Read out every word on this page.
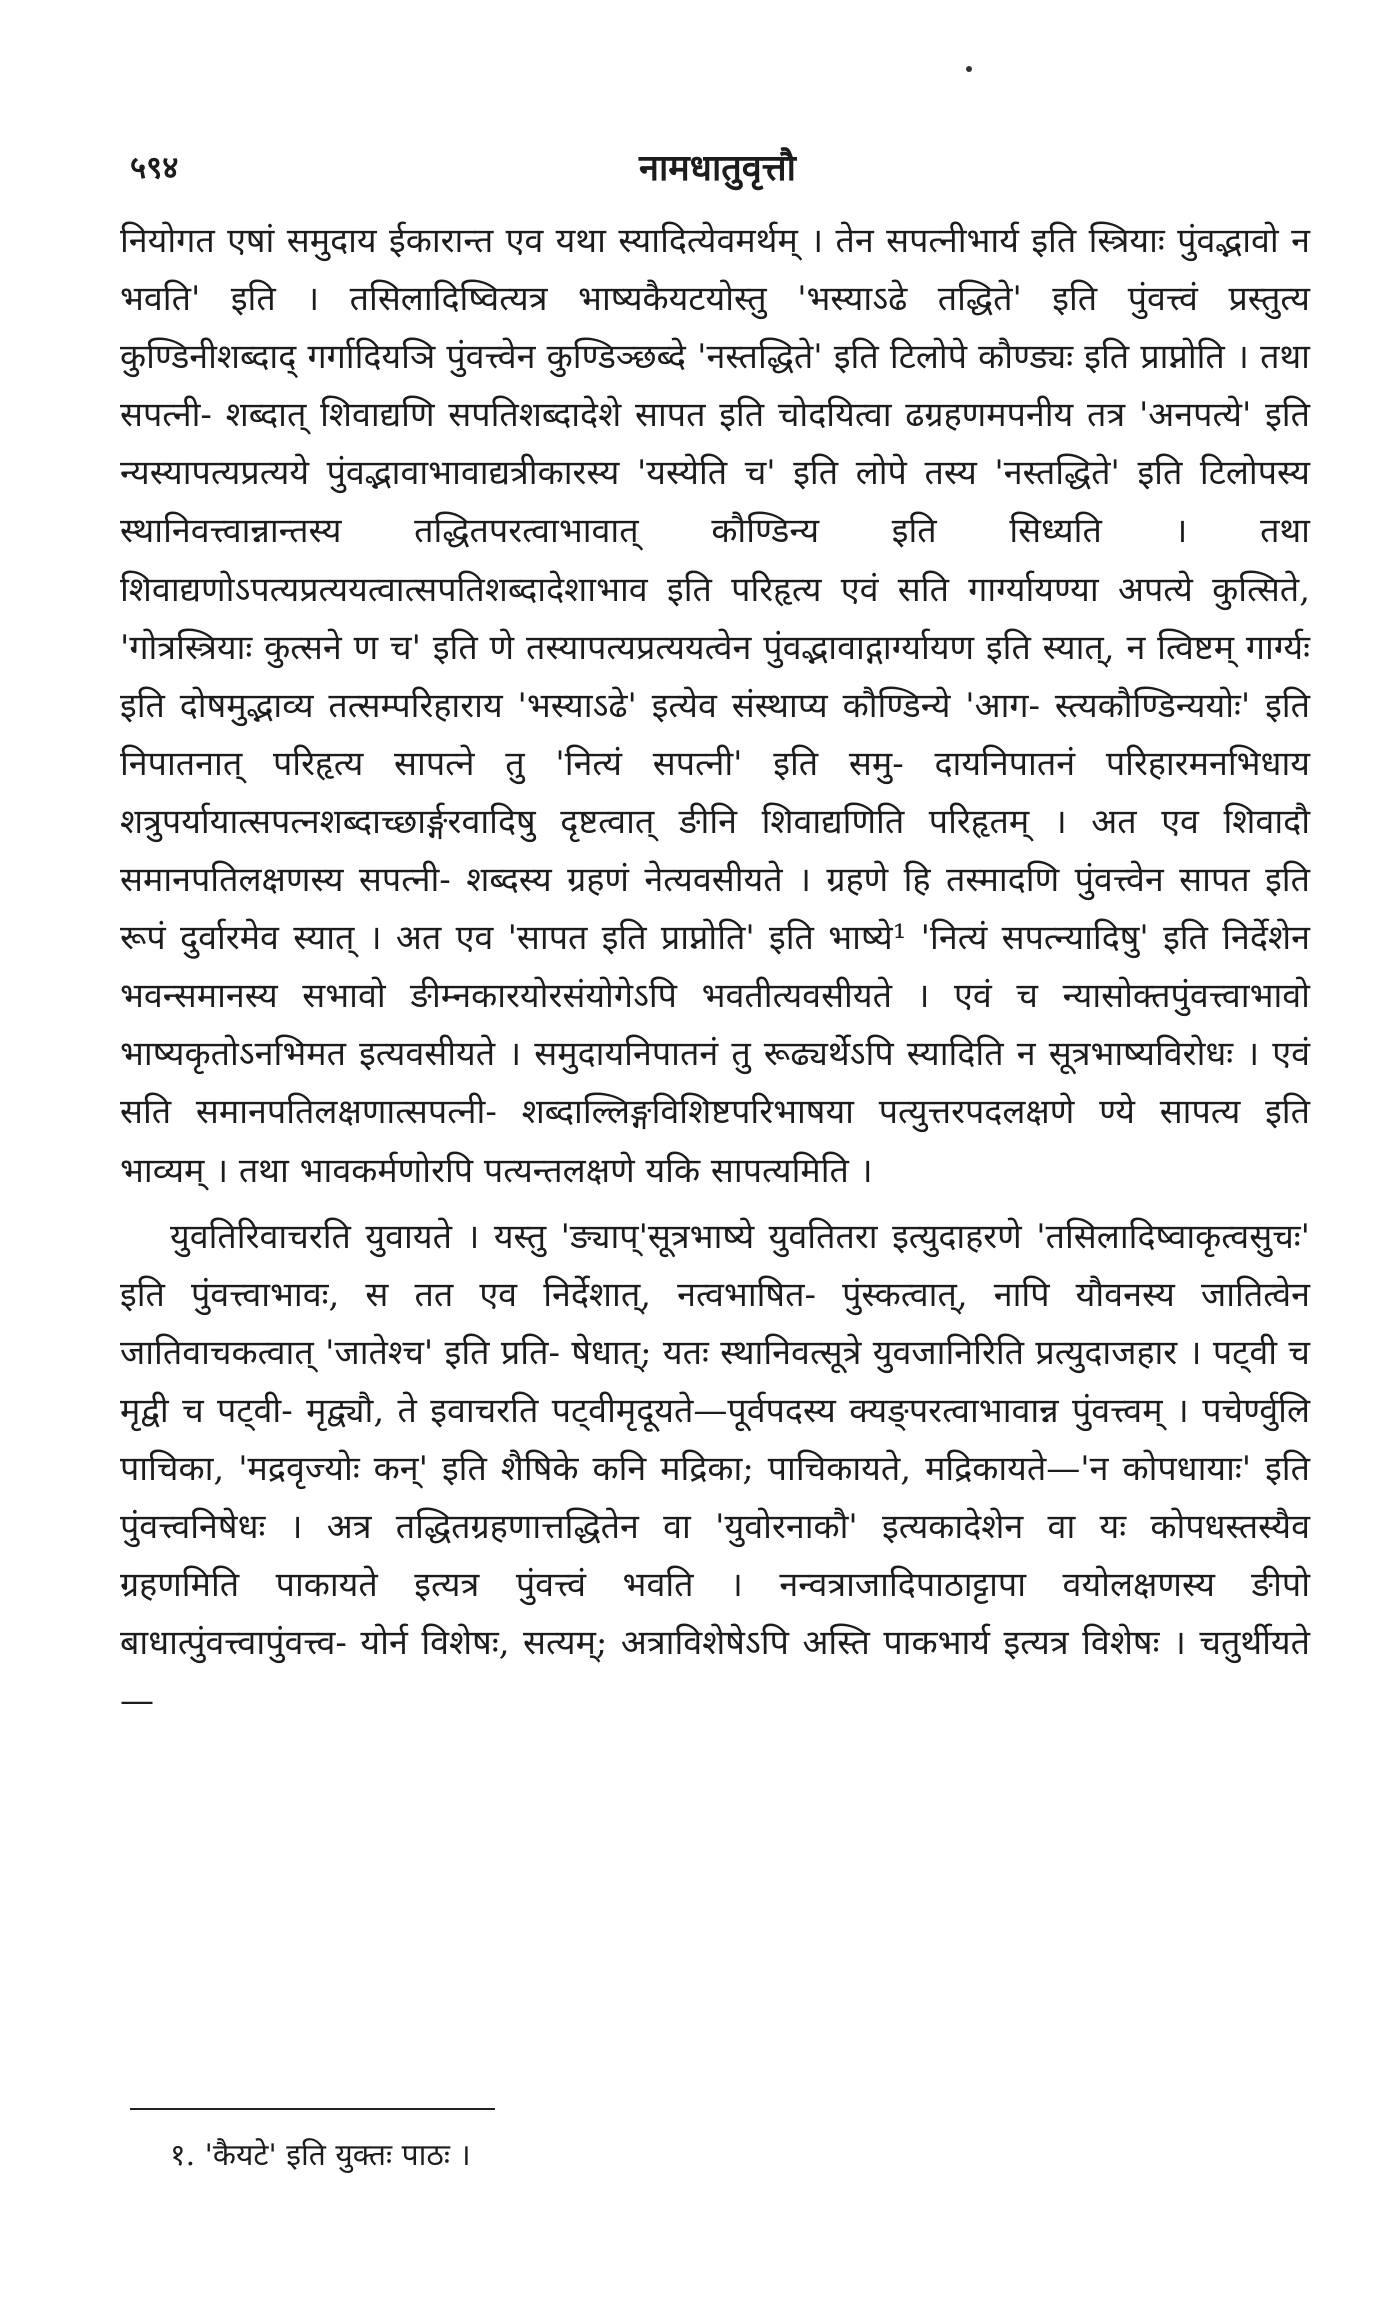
५९४	नामधातुवृत्तौ

नियोगत एषां समुदाय ईकारान्त एव यथा स्यादित्येवमर्थम् । तेन सपत्नीभार्य इति स्त्रियाः पुंवद्भावो न भवति' इति । तसिलादिष्वित्यत्र भाष्यकैयटयोस्तु 'भस्याऽढे तद्धिते' इति पुंवत्त्वं प्रस्तुत्य कुण्डिनीशब्दाद् गर्गादियञि पुंवत्त्वेन कुण्डिञ्छब्दे 'नस्तद्धिते' इति टिलोपे कौण्ड्यः इति प्राप्नोति । तथा सपत्नी- शब्दात् शिवाद्यणि सपतिशब्दादेशे सापत इति चोदयित्वा ढग्रहणमपनीय तत्र 'अनपत्ये' इति न्यस्यापत्यप्रत्यये पुंवद्भावाभावाद्यत्रीकारस्य 'यस्येति च' इति लोपे तस्य 'नस्तद्धिते' इति टिलोपस्य स्थानिवत्त्वान्नान्तस्य तद्धितपरत्वाभावात् कौण्डिन्य इति सिध्यति । तथा शिवाद्यणोऽपत्यप्रत्ययत्वात्सपतिशब्दादेशाभाव इति परिहृत्य एवं सति गार्ग्यायण्या अपत्ये कुत्सिते, 'गोत्रस्त्रियाः कुत्सने ण च' इति णे तस्यापत्यप्रत्ययत्वेन पुंवद्भावाद्गार्ग्यायण इति स्यात्, न त्विष्टम् गार्ग्यः इति दोषमुद्भाव्य तत्सम्परिहाराय 'भस्याऽढे' इत्येव संस्थाप्य कौण्डिन्ये 'आग- स्त्यकौण्डिन्ययोः' इति निपातनात् परिहृत्य सापत्ने तु 'नित्यं सपत्नी' इति समु- दायनिपातनं परिहारमनभिधाय शत्रुपर्यायात्सपत्नशब्दाच्छार्ङ्गरवादिषु दृष्टत्वात् ङीनि शिवाद्यणिति परिहृतम् । अत एव शिवादौ समानपतिलक्षणस्य सपत्नी- शब्दस्य ग्रहणं नेत्यवसीयते । ग्रहणे हि तस्मादणि पुंवत्त्वेन सापत इति रूपं दुर्वारमेव स्यात् । अत एव 'सापत इति प्राप्नोति' इति भाष्ये¹ 'नित्यं सपत्न्यादिषु' इति निर्देशेन भवन्समानस्य सभावो ङीम्नकारयोरसंयोगेऽपि भवतीत्यवसीयते । एवं च न्यासोक्तपुंवत्त्वाभावो भाष्यकृतोऽनभिमत इत्यवसीयते । समुदायनिपातनं तु रूढ्यर्थेऽपि स्यादिति न सूत्रभाष्यविरोधः । एवं सति समानपतिलक्षणात्सपत्नी- शब्दाल्लिङ्गविशिष्टपरिभाषया पत्युत्तरपदलक्षणे ण्ये सापत्य इति भाव्यम् । तथा भावकर्मणोरपि पत्यन्तलक्षणे यकि सापत्यमिति ।

युवतिरिवाचरति युवायते । यस्तु 'ङ्याप्'सूत्रभाष्ये युवतितरा इत्युदाहरणे 'तसिलादिष्वाकृत्वसुचः' इति पुंवत्त्वाभावः, स तत एव निर्देशात्, नत्वभाषित- पुंस्कत्वात्, नापि यौवनस्य जातित्वेन जातिवाचकत्वात् 'जातेश्च' इति प्रति- षेधात्; यतः स्थानिवत्सूत्रे युवजानिरिति प्रत्युदाजहार । पट्वी च मृद्वी च पट्वी- मृद्व्यौ, ते इवाचरति पट्वीमृदूयते—पूर्वपदस्य क्यङ्परत्वाभावान्न पुंवत्त्वम् । पचेर्ण्वुलि पाचिका, 'मद्रवृज्योः कन्' इति शैषिके कनि मद्रिका; पाचिकायते, मद्रिकायते—'न कोपधायाः' इति पुंवत्त्वनिषेधः । अत्र तद्धितग्रहणात्तद्धितेन वा 'युवोरनाकौ' इत्यकादेशेन वा यः कोपधस्तस्यैव ग्रहणमिति पाकायते इत्यत्र पुंवत्त्वं भवति । नन्वत्राजादिपाठाट्टापा वयोलक्षणस्य ङीपो बाधात्पुंवत्त्वापुंवत्त्व- योर्न विशेषः, सत्यम्; अत्राविशेषेऽपि अस्ति पाकभार्य इत्यत्र विशेषः । चतुर्थीयते—

१. 'कैयटे' इति युक्तः पाठः ।
